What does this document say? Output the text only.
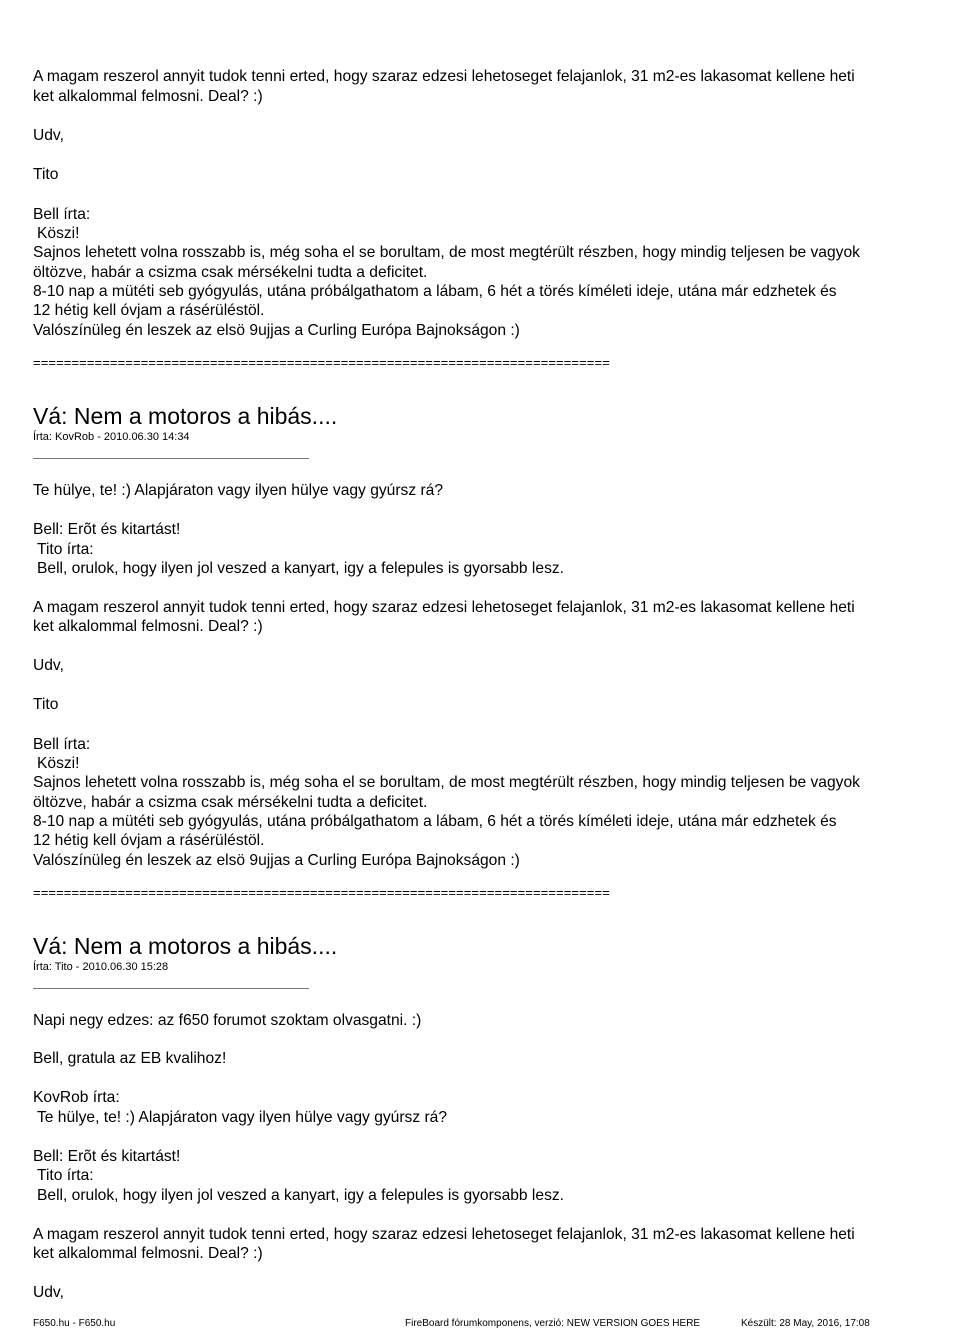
A magam reszerol annyit tudok tenni erted, hogy szaraz edzesi lehetoseget felajanlok, 31 m2-es lakasomat kellene heti
ket alkalommal felmosni. Deal? :)
Udv,
Tito
Bell írta:
Köszi!
Sajnos lehetett volna rosszabb is, még soha el se borultam, de most megtérült részben, hogy mindig teljesen be vagyok
öltözve, habár a csizma csak mérsékelni tudta a deficitet.
8-10 nap a mütéti seb gyógyulás, utána próbálgathatom a lábam, 6 hét a törés kíméleti ideje, utána már edzhetek és
12 hétig kell óvjam a rásérüléstöl.
Valószínüleg én leszek az elsö 9ujjas a Curling Európa Bajnokságon :)
===========================================================================
Vá: Nem a motoros a hibás....
Írta: KovRob - 2010.06.30 14:34
Te hülye, te! :) Alapjáraton vagy ilyen hülye vagy gyúrsz rá?
Bell: Erõt és kitartást!
Tito írta:
Bell, orulok, hogy ilyen jol veszed a kanyart, igy a felepules is gyorsabb lesz.
A magam reszerol annyit tudok tenni erted, hogy szaraz edzesi lehetoseget felajanlok, 31 m2-es lakasomat kellene heti
ket alkalommal felmosni. Deal? :)
Udv,
Tito
Bell írta:
Köszi!
Sajnos lehetett volna rosszabb is, még soha el se borultam, de most megtérült részben, hogy mindig teljesen be vagyok
öltözve, habár a csizma csak mérsékelni tudta a deficitet.
8-10 nap a mütéti seb gyógyulás, utána próbálgathatom a lábam, 6 hét a törés kíméleti ideje, utána már edzhetek és
12 hétig kell óvjam a rásérüléstöl.
Valószínüleg én leszek az elsö 9ujjas a Curling Európa Bajnokságon :)
===========================================================================
Vá: Nem a motoros a hibás....
Írta: Tito - 2010.06.30 15:28
Napi negy edzes: az f650 forumot szoktam olvasgatni. :)
Bell, gratula az EB kvalihoz!
KovRob írta:
Te hülye, te! :) Alapjáraton vagy ilyen hülye vagy gyúrsz rá?
Bell: Erõt és kitartást!
Tito írta:
Bell, orulok, hogy ilyen jol veszed a kanyart, igy a felepules is gyorsabb lesz.
A magam reszerol annyit tudok tenni erted, hogy szaraz edzesi lehetoseget felajanlok, 31 m2-es lakasomat kellene heti
ket alkalommal felmosni. Deal? :)
Udv,
F650.hu - F650.hu	FireBoard fórumkomponens, verzió: NEW VERSION GOES HERE	Készült: 28 May, 2016, 17:08
